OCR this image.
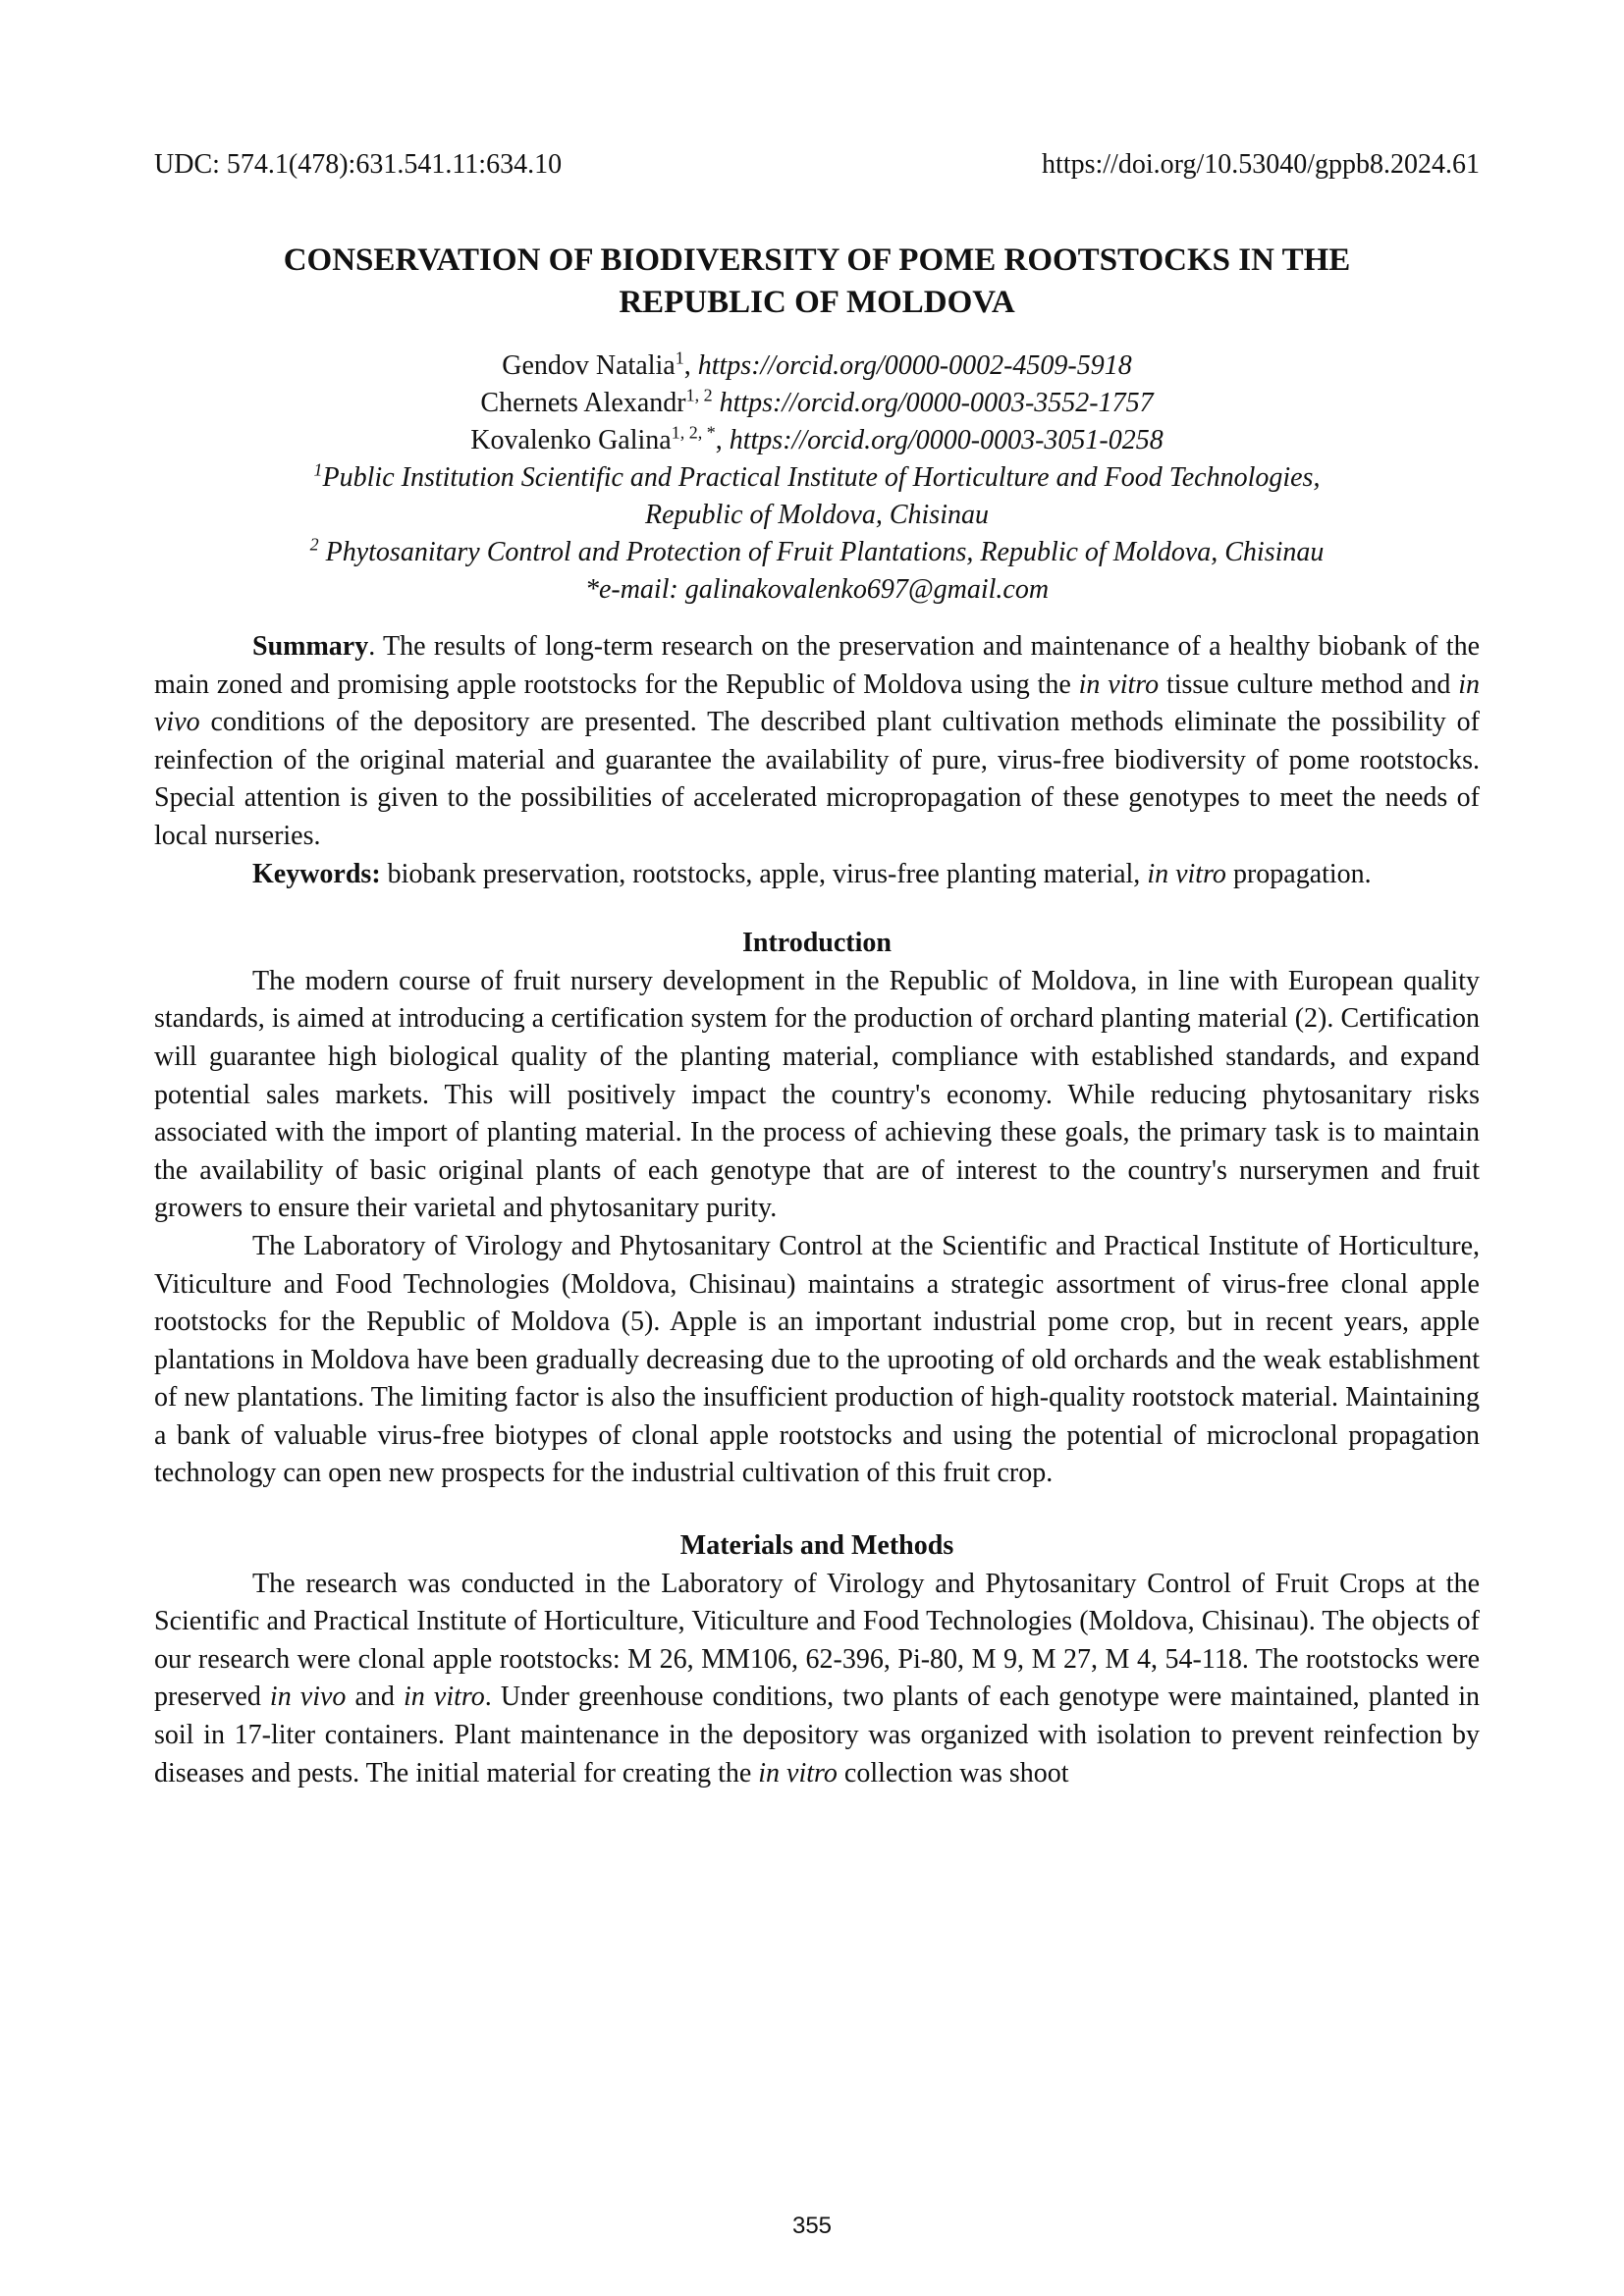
UDC: 574.1(478):631.541.11:634.10	https://doi.org/10.53040/gppb8.2024.61
CONSERVATION OF BIODIVERSITY OF POME ROOTSTOCKS IN THE
REPUBLIC OF MOLDOVA
Gendov Natalia$^1$, https://orcid.org/0000-0002-4509-5918
Chernets Alexandr$^{1, 2}$ https://orcid.org/0000-0003-3552-1757
Kovalenko Galina$^{1, 2, *}$, https://orcid.org/0000-0003-3051-0258
$^1$Public Institution Scientific and Practical Institute of Horticulture and Food Technologies,
Republic of Moldova, Chisinau
$^2$ Phytosanitary Control and Protection of Fruit Plantations, Republic of Moldova, Chisinau
*e-mail: galinakovalenko697@gmail.com

Summary. The results of long-term research on the preservation and maintenance of a healthy biobank of the main zoned and promising apple rootstocks for the Republic of Moldova using the in vitro tissue culture method and in vivo conditions of the depository are presented. The described plant cultivation methods eliminate the possibility of reinfection of the original material and guarantee the availability of pure, virus-free biodiversity of pome rootstocks. Special attention is given to the possibilities of accelerated micropropagation of these genotypes to meet the needs of local nurseries.

Keywords: biobank preservation, rootstocks, apple, virus-free planting material, in vitro propagation.

Introduction

The modern course of fruit nursery development in the Republic of Moldova, in line with European quality standards, is aimed at introducing a certification system for the production of orchard planting material (2). Certification will guarantee high biological quality of the planting material, compliance with established standards, and expand potential sales markets. This will positively impact the country's economy. While reducing phytosanitary risks associated with the import of planting material. In the process of achieving these goals, the primary task is to maintain the availability of basic original plants of each genotype that are of interest to the country's nurserymen and fruit growers to ensure their varietal and phytosanitary purity.

The Laboratory of Virology and Phytosanitary Control at the Scientific and Practical Institute of Horticulture, Viticulture and Food Technologies (Moldova, Chisinau) maintains a strategic assortment of virus-free clonal apple rootstocks for the Republic of Moldova (5). Apple is an important industrial pome crop, but in recent years, apple plantations in Moldova have been gradually decreasing due to the uprooting of old orchards and the weak establishment of new plantations. The limiting factor is also the insufficient production of high-quality rootstock material. Maintaining a bank of valuable virus-free biotypes of clonal apple rootstocks and using the potential of microclonal propagation technology can open new prospects for the industrial cultivation of this fruit crop.

Materials and Methods

The research was conducted in the Laboratory of Virology and Phytosanitary Control of Fruit Crops at the Scientific and Practical Institute of Horticulture, Viticulture and Food Technologies (Moldova, Chisinau). The objects of our research were clonal apple rootstocks: M 26, MM106, 62-396, Pi-80, M 9, M 27, M 4, 54-118. The rootstocks were preserved in vivo and in vitro. Under greenhouse conditions, two plants of each genotype were maintained, planted in soil in 17-liter containers. Plant maintenance in the depository was organized with isolation to prevent reinfection by diseases and pests. The initial material for creating the in vitro collection was shoot

355
